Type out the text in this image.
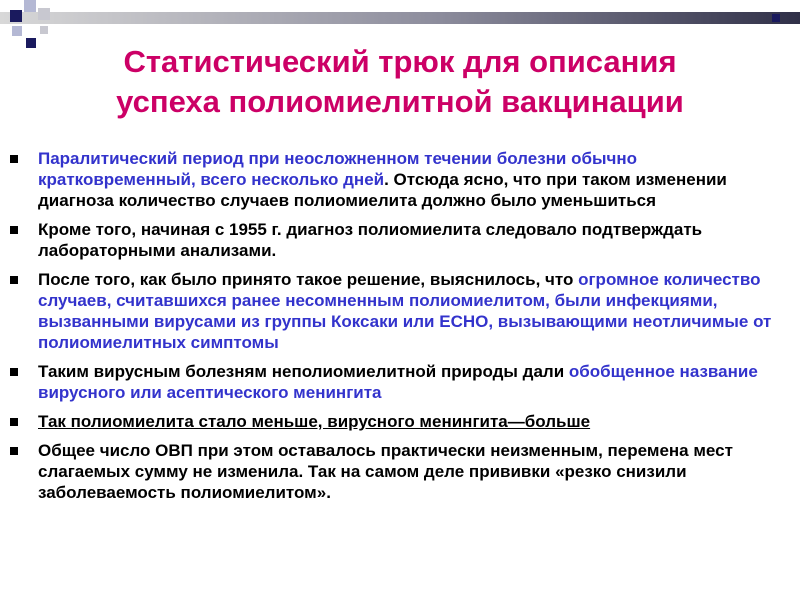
Статистический трюк для описания
успеха полиомиелитной вакцинации
Паралитический период при неосложненном течении болезни обычно кратковременный, всего несколько дней. Отсюда ясно, что при таком изменении диагноза количество случаев полиомиелита должно было уменьшиться
Кроме того, начиная с 1955 г. диагноз полиомиелита следовало подтверждать лабораторными анализами.
После того, как было принято такое решение, выяснилось, что огромное количество случаев, считавшихся ранее несомненным полиомиелитом, были инфекциями, вызванными вирусами из группы Коксаки или ЕСНО, вызывающими неотличимые от полиомиелитных симптомы
Таким вирусным болезням неполиомиелитной природы дали обобщенное название вирусного или асептического менингита
Так полиомиелита стало меньше, вирусного менингита—больше
Общее число ОВП при этом оставалось практически неизменным, перемена мест слагаемых сумму не изменила. Так на самом деле прививки «резко снизили заболеваемость полиомиелитом».
